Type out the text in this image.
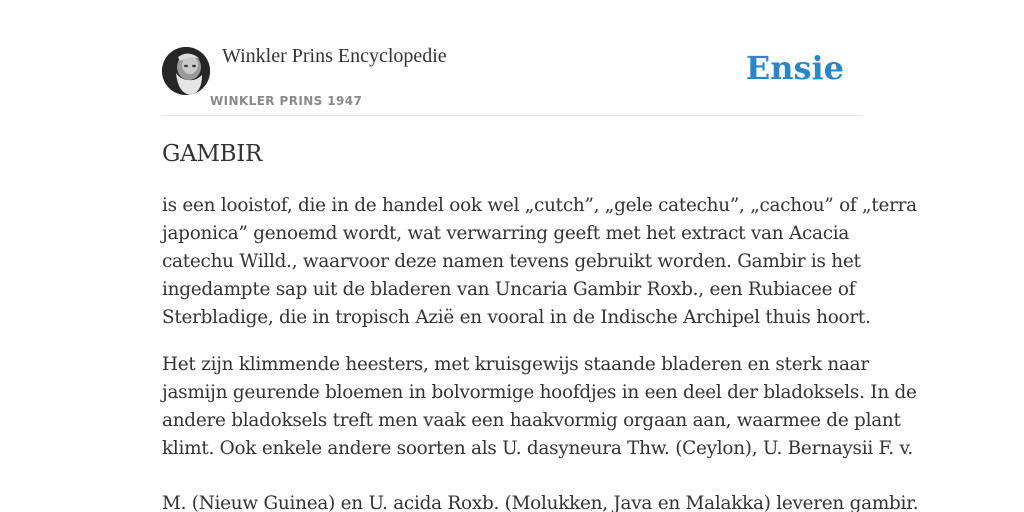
Winkler Prins Encyclopedie
WINKLER PRINS 1947
Ensie
GAMBIR

is een looistof, die in de handel ook wel „cutch”, „gele catechu”, „cachou” of „terra
japonica” genoemd wordt, wat verwarring geeft met het extract van Acacia
catechu Willd., waarvoor deze namen tevens gebruikt worden. Gambir is het
ingedampte sap uit de bladeren van Uncaria Gambir Roxb., een Rubiacee of
Sterbladige, die in tropisch Azië en vooral in de Indische Archipel thuis hoort.

Het zijn klimmende heesters, met kruisgewijs staande bladeren en sterk naar
jasmijn geurende bloemen in bolvormige hoofdjes in een deel der bladoksels. In de
andere bladoksels treft men vaak een haakvormig orgaan aan, waarmee de plant
klimt. Ook enkele andere soorten als U. dasyneura Thw. (Ceylon), U. Bernaysii F. v.

M. (Nieuw Guinea) en U. acida Roxb. (Molukken, Java en Malakka) leveren gambir.
